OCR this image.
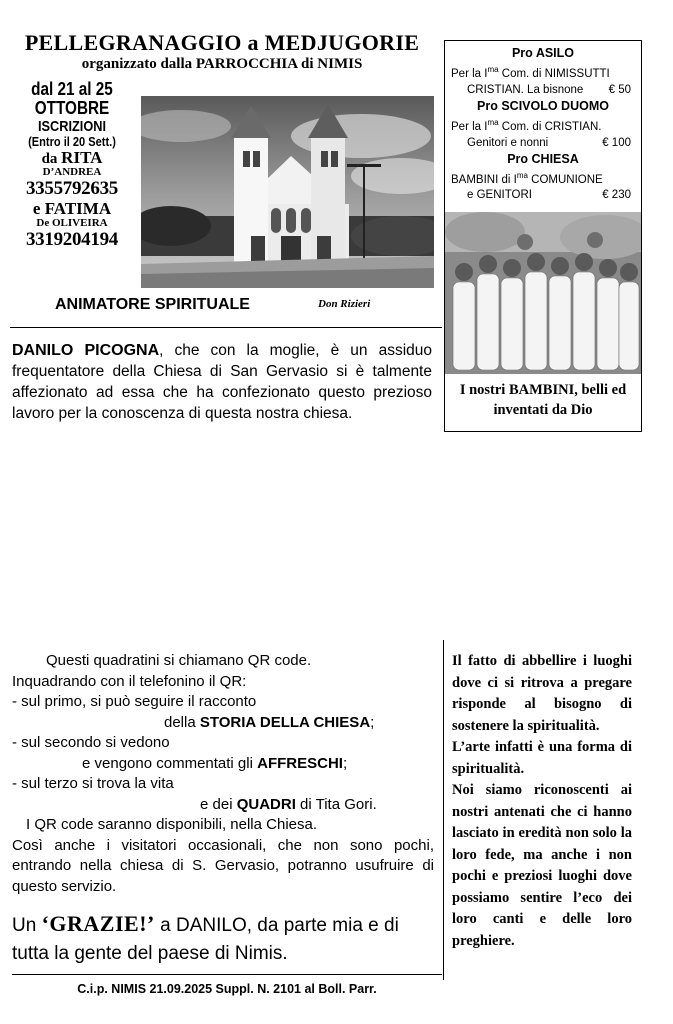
PELLEGRANAGGIO a MEDJUGORIE
organizzato dalla PARROCCHIA di NIMIS
dal 21 al 25
OTTOBRE
ISCRIZIONI
(Entro il 20 Sett.)
da RITA
D’ANDREA
3355792635
e FATIMA
De OLIVEIRA
3319204194
ANIMATORE SPIRITUALE	Don Rizieri
Pro ASILO
Per la $I^{ma}$ Com. di NIMISSUTTI
CRISTIAN. La bisnone € 50
Pro SCIVOLO DUOMO
Per la $I^{ma}$ Com. di CRISTIAN.
Genitori e nonni	€ 100
Pro CHIESA
BAMBINI di $I^{ma}$ COMUNIONE
e GENITORI	€ 230
I nostri BAMBINI, belli ed inventati da Dio
DANILO PICOGNA, che con la moglie, è un assiduo frequentatore della Chiesa di San Gervasio si è talmente affezionato ad essa che ha confezionato questo prezioso lavoro per la conoscenza di questa nostra chiesa.
Questi quadratini si chiamano QR code.
Inquadrando con il telefonino il QR:
- sul primo, si può seguire il racconto
della STORIA DELLA CHIESA;
- sul secondo si vedono
e vengono commentati gli AFFRESCHI;
- sul terzo si trova la vita
e dei QUADRI di Tita Gori.
I QR code saranno disponibili, nella Chiesa.
Così anche i visitatori occasionali, che non sono pochi, entrando nella chiesa di S. Gervasio, potranno usufruire di questo servizio.
Un ‘GRAZIE!’ a DANILO, da parte mia e di tutta la gente del paese di Nimis.

Il fatto di abbellire i luoghi dove ci si ritrova a pregare risponde al bisogno di sostenere la spiritualità.

L’arte infatti è una forma di spiritualità.

Noi siamo riconoscenti ai nostri antenati che ci hanno lasciato in eredità non solo la loro fede, ma anche i non pochi e preziosi luoghi dove possiamo sentire l’eco dei loro canti e delle loro preghiere.

C.i.p. NIMIS 21.09.2025 Suppl. N. 2101 al Boll. Parr.
